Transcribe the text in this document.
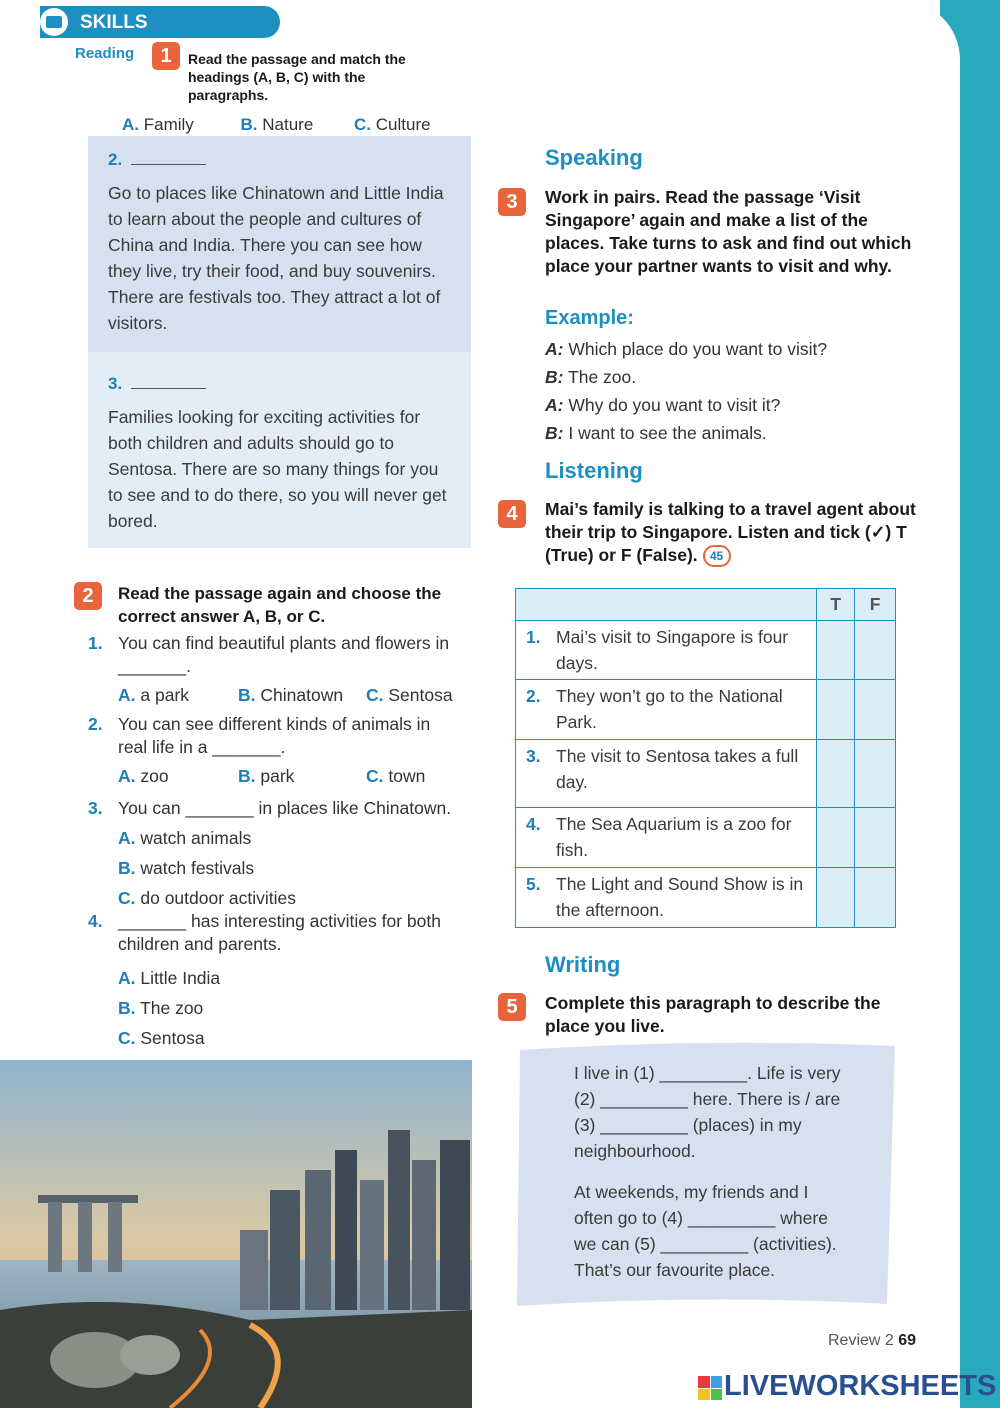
SKILLS
Reading	1	Read the passage and match the headings (A, B, C) with the paragraphs.
A. Family	B. Nature C. Culture
2.
Go to places like Chinatown and Little India to learn about the people and cultures of China and India. There you can see how they live, try their food, and buy souvenirs. There are festivals too. They attract a lot of visitors.
3.
Families looking for exciting activities for both children and adults should go to Sentosa. There are so many things for you to see and to do there, so you will never get bored.
2	Read the passage again and choose the correct answer A, B, or C.
1. You can find beautiful plants and flowers in _______.
A. a park	B. Chinatown	C. Sentosa
2. You can see different kinds of animals in real life in a _______.
A. zoo	B. park	C. town
3. You can _______ in places like Chinatown.
A. watch animals
B. watch festivals
C. do outdoor activities
4. _______ has interesting activities for both children and parents.
A. Little India
B. The zoo
C. Sentosa
Speaking
3	Work in pairs. Read the passage ‘Visit Singapore’ again and make a list of the places. Take turns to ask and find out which place your partner wants to visit and why.
Example:
A: Which place do you want to visit?
B: The zoo.
A: Why do you want to visit it?
B: I want to see the animals.
Listening
4	Mai’s family is talking to a travel agent about their trip to Singapore. Listen and tick (✓) T (True) or F (False). 45
	T	F

1. Mai’s visit to Singapore is four days.		

2. They won’t go to the National Park.		

3. The visit to Sentosa takes a full day.		

4. The Sea Aquarium is a zoo for fish.		

5. The Light and Sound Show is in the afternoon.		

Writing
5	Complete this paragraph to describe the place you live.
I live in (1) _________. Life is very (2) _________ here. There is / are (3) _________ (places) in my neighbourhood.
At weekends, my friends and I often go to (4) _________ where we can (5) _________ (activities). That’s our favourite place.
Review 2 69
LIVEWORKSHEETS
